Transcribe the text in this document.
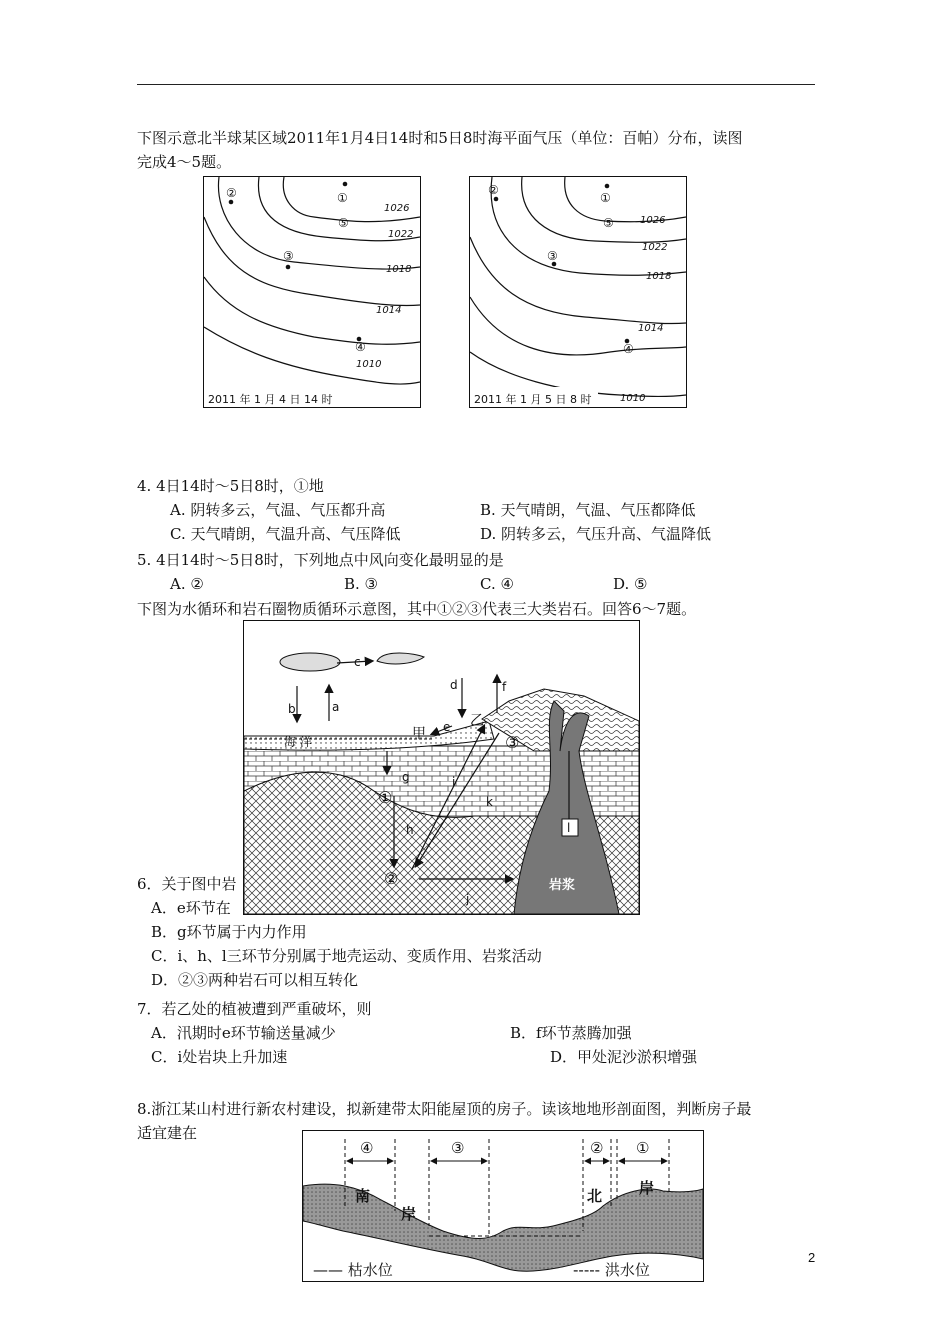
下图示意北半球某区域2011年1月4日14时和5日8时海平面气压（单位：百帕）分布，读图
完成4～5题。
1026
1022
1018
1014
1010
①
②
③
④
⑤
2011 年 1 月 4 日 14 时
1026
1022
1018
1014
1010
①
②
③
④
⑤
2011 年 1 月 5 日 8 时
4. 4日14时～5日8时，①地
A. 阴转多云，气温、气压都升高	B. 天气晴朗，气温、气压都降低
C. 天气晴朗，气温升高、气压降低	D. 阴转多云，气压升高、气温降低
5. 4日14时～5日8时，下列地点中风向变化最明显的是
A. ②	B. ③	C. ④	D. ⑤
下图为水循环和岩石圈物质循环示意图，其中①②③代表三大类岩石。回答6～7题。
6．关于图中岩
A．e环节在
B．g环节属于内力作用
C．i、h、l三环节分别属于地壳运动、变质作用、岩浆活动
D．②③两种岩石可以相互转化
c
b	a
d	f
e
g
h
i
j
k
l
海 洋	甲
乙
①
②
③
岩浆
7．若乙处的植被遭到严重破坏，则
A．汛期时e环节输送量减少	B．f环节蒸腾加强
C．i处岩块上升加速	D．甲处泥沙淤积增强
8.浙江某山村进行新农村建设，拟新建带太阳能屋顶的房子。读该地地形剖面图，判断房子最
适宜建在
④	③	② ①
南
岸
北 岸
—— 枯水位	----- 洪水位
2
